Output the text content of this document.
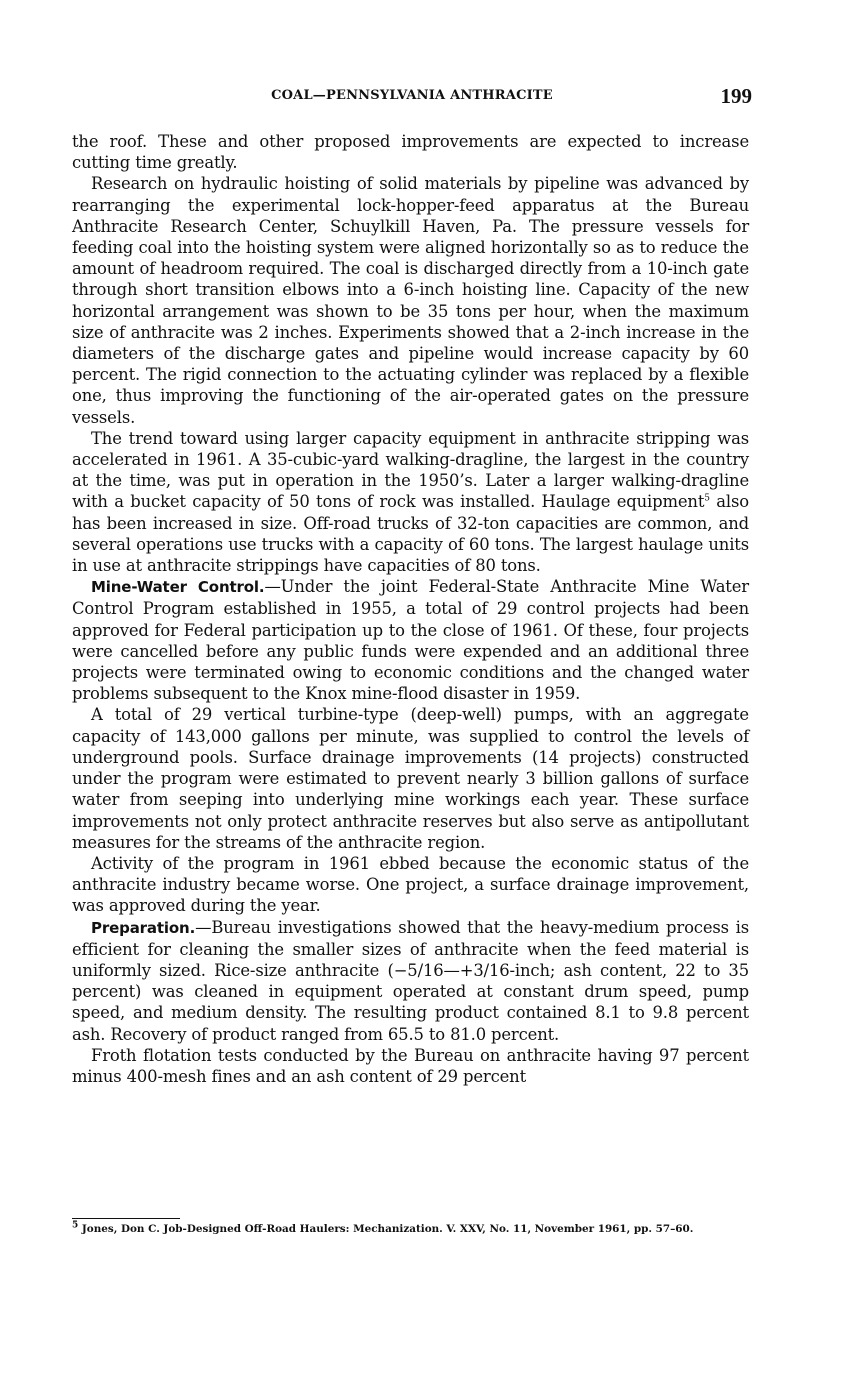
COAL—PENNSYLVANIA ANTHRACITE	199

the roof. These and other proposed improvements are expected to increase cutting time greatly.

Research on hydraulic hoisting of solid materials by pipeline was advanced by rearranging the experimental lock-hopper-feed apparatus at the Bureau Anthracite Research Center, Schuylkill Haven, Pa. The pressure vessels for feeding coal into the hoisting system were aligned horizontally so as to reduce the amount of headroom required. The coal is discharged directly from a 10-inch gate through short transition elbows into a 6-inch hoisting line. Capacity of the new horizontal arrangement was shown to be 35 tons per hour, when the maximum size of anthracite was 2 inches. Experiments showed that a 2-inch increase in the diameters of the discharge gates and pipeline would increase capacity by 60 percent. The rigid connection to the actuating cylinder was replaced by a flexible one, thus improving the functioning of the air-operated gates on the pressure vessels.

The trend toward using larger capacity equipment in anthracite stripping was accelerated in 1961. A 35-cubic-yard walking-dragline, the largest in the country at the time, was put in operation in the 1950’s. Later a larger walking-dragline with a bucket capacity of 50 tons of rock was installed. Haulage equipment$^5$ also has been increased in size. Off-road trucks of 32-ton capacities are common, and several operations use trucks with a capacity of 60 tons. The largest haulage units in use at anthracite strippings have capacities of 80 tons.

Mine-Water Control.—Under the joint Federal-State Anthracite Mine Water Control Program established in 1955, a total of 29 control projects had been approved for Federal participation up to the close of 1961. Of these, four projects were cancelled before any public funds were expended and an additional three projects were terminated owing to economic conditions and the changed water problems subsequent to the Knox mine-flood disaster in 1959.

A total of 29 vertical turbine-type (deep-well) pumps, with an aggregate capacity of 143,000 gallons per minute, was supplied to control the levels of underground pools. Surface drainage improvements (14 projects) constructed under the program were estimated to prevent nearly 3 billion gallons of surface water from seeping into underlying mine workings each year. These surface improvements not only protect anthracite reserves but also serve as antipollutant measures for the streams of the anthracite region.

Activity of the program in 1961 ebbed because the economic status of the anthracite industry became worse. One project, a surface drainage improvement, was approved during the year.

Preparation.—Bureau investigations showed that the heavy-medium process is efficient for cleaning the smaller sizes of anthracite when the feed material is uniformly sized. Rice-size anthracite (−5/16—+3/16-inch; ash content, 22 to 35 percent) was cleaned in equipment operated at constant drum speed, pump speed, and medium density. The resulting product contained 8.1 to 9.8 percent ash. Recovery of product ranged from 65.5 to 81.0 percent.

Froth flotation tests conducted by the Bureau on anthracite having 97 percent minus 400-mesh fines and an ash content of 29 percent

$^5$ Jones, Don C. Job-Designed Off-Road Haulers: Mechanization. V. XXV, No. 11, November 1961, pp. 57–60.
